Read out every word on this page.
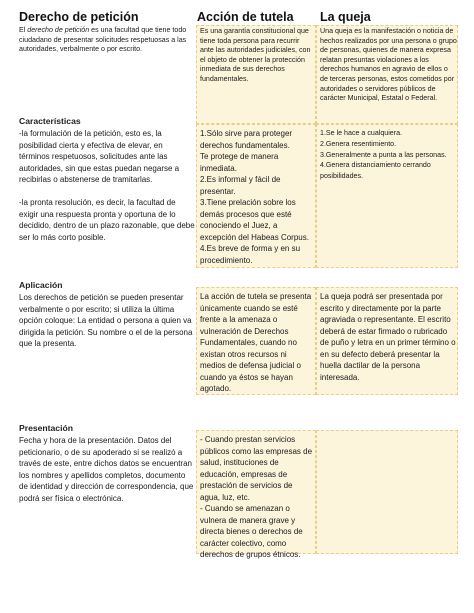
Derecho de petición	Acción de tutela	La queja
El derecho de petición es una facultad que tiene todo ciudadano de presentar solicitudes respetuosas a las autoridades, verbalmente o por escrito.
Es una garantía constitucional que tiene toda persona para recurrir ante las autoridades judiciales, con el objeto de obtener la protección inmediata de sus derechos fundamentales.
Una queja es la manifestación o noticia de hechos realizados por una persona o grupo de personas, quienes de manera expresa relatan presuntas violaciones a los derechos humanos en agravio de ellos o de terceras personas, estos cometidos por autoridades o servidores públicos de carácter Municipal, Estatal o Federal.
Características
-la formulación de la petición, esto es, la posibilidad cierta y efectiva de elevar, en términos respetuosos, solicitudes ante las autoridades, sin que estas puedan negarse a recibirlas o abstenerse de tramitarlas.
-la pronta resolución, es decir, la facultad de exigir una respuesta pronta y oportuna de lo decidido, dentro de un plazo razonable, que debe ser lo más corto posible.
1.Sólo sirve para proteger derechos fundamentales.
Te protege de manera inmediata.
2.Es informal y fácil de presentar.
3.Tiene prelación sobre los demás procesos que esté conociendo el Juez, a excepción del Habeas Corpus.
4.Es breve de forma y en su procedimiento.
1.Se le hace a cualquiera.
2.Genera resentimiento.
3.Generalmente a punta a las personas.
4.Genera distanciamiento cerrando posibilidades.
Aplicación
Los derechos de petición se pueden presentar verbalmente o por escrito; si utiliza la última opción coloque: La entidad o persona a quien va dirigida la petición. Su nombre o el de la persona que la presenta.
La acción de tutela se presenta únicamente cuando se esté frente a la amenaza o vulneración de Derechos Fundamentales, cuando no existan otros recursos ni medios de defensa judicial o cuando ya éstos se hayan agotado.
La queja podrá ser presentada por escrito y directamente por la parte agraviada o representante. El escrito deberá de estar firmado o rubricado de puño y letra en un primer término o en su defecto deberá presentar la huella dactilar de la persona interesada.
Presentación
Fecha y hora de la presentación. Datos del peticionario, o de su apoderado si se realizó a través de este, entre dichos datos se encuentran los nombres y apellidos completos, documento de identidad y dirección de correspondencia, que podrá ser física o electrónica.
- Cuando prestan servicios públicos como las empresas de salud, instituciones de educación, empresas de prestación de servicios de agua, luz, etc.
- Cuando se amenazan o vulnera de manera grave y directa bienes o derechos de carácter colectivo, como derechos de grupos étnicos.
